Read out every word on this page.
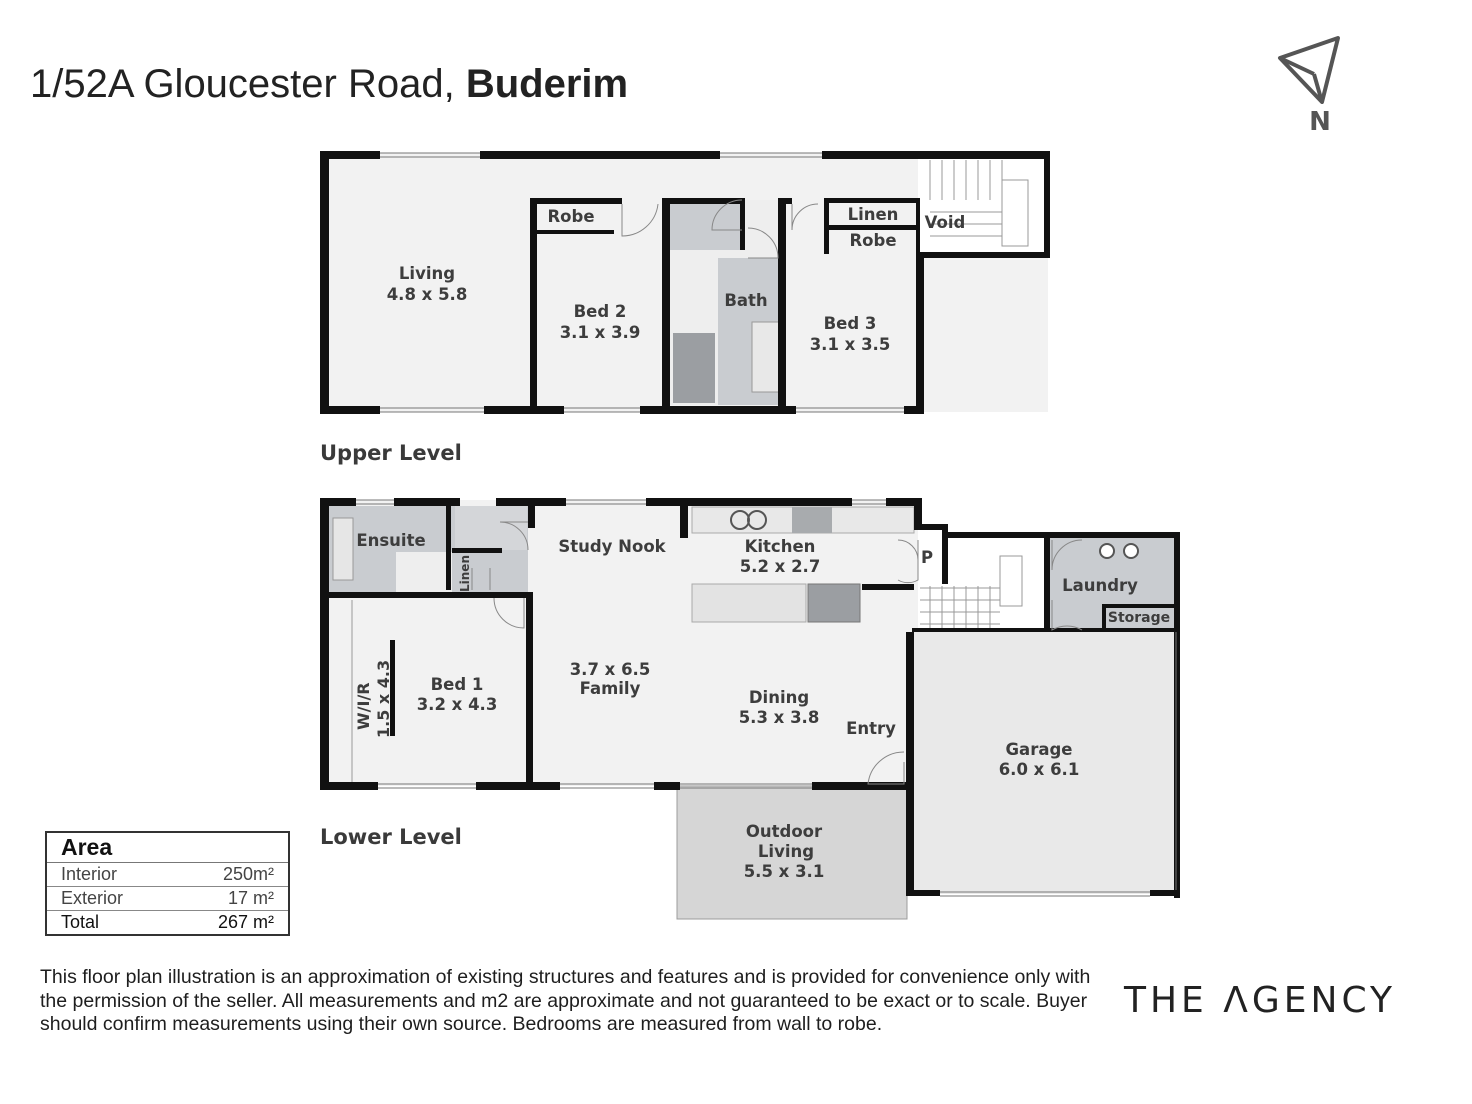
1/52A Gloucester Road, Buderim
N
Living
4.8 x 5.8
Robe
Bed 2
3.1 x 3.9
Bath
Bed 3
3.1 x 3.5
Linen
Robe
Void
Ensuite	Study Nook	Kitchen
5.2 x 2.7	P
Laundry
Storage
Bed 1
3.2 x 4.3
3.7 x 6.5
Family	Dining
5.3 x 3.8
Entry
Garage
6.0 x 6.1
Outdoor
Living
5.5 x 3.1
W/I/R 1.5 x 4.3
Linen
Upper Level
Lower Level
Area
Interior	250m²
Exterior	17 m²
Total	267 m²
This floor plan illustration is an approximation of existing structures and features and is provided for convenience only with the permission of the seller. All measurements and m2 are approximate and not guaranteed to be exact or to scale. Buyer should confirm measurements using their own source. Bedrooms are measured from wall to robe.
THE ΛGENCY
